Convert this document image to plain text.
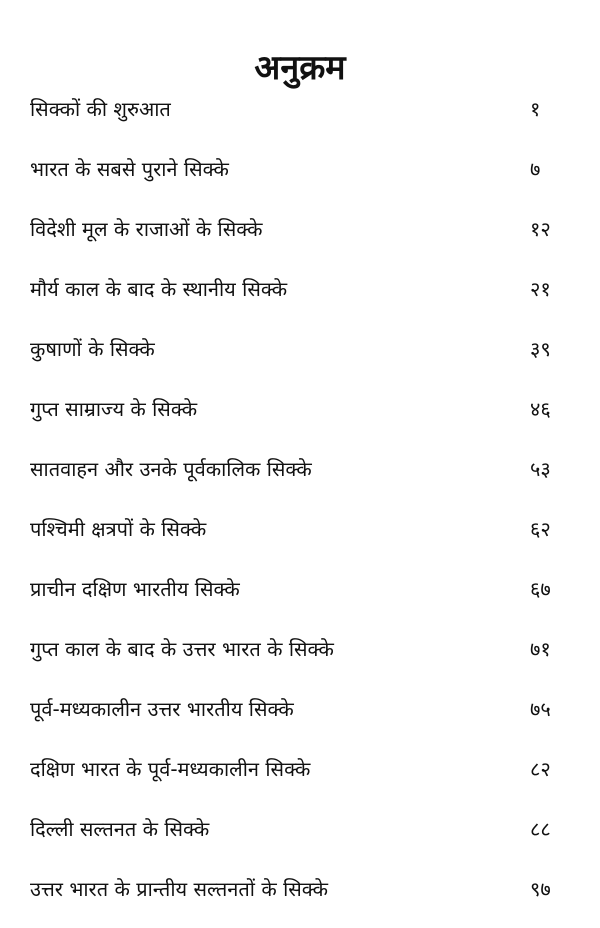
अनुक्रम
सिक्कों की शुरुआत	१
भारत के सबसे पुराने सिक्के	७
विदेशी मूल के राजाओं के सिक्के	१२
मौर्य काल के बाद के स्थानीय सिक्के	२१
कुषाणों के सिक्के	३९
गुप्त साम्राज्य के सिक्के	४६
सातवाहन और उनके पूर्वकालिक सिक्के	५३
पश्चिमी क्षत्रपों के सिक्के	६२
प्राचीन दक्षिण भारतीय सिक्के	६७
गुप्त काल के बाद के उत्तर भारत के सिक्के	७१
पूर्व-मध्यकालीन उत्तर भारतीय सिक्के	७५
दक्षिण भारत के पूर्व-मध्यकालीन सिक्के	८२
दिल्ली सल्तनत के सिक्के	८८
उत्तर भारत के प्रान्तीय सल्तनतों के सिक्के	९७
